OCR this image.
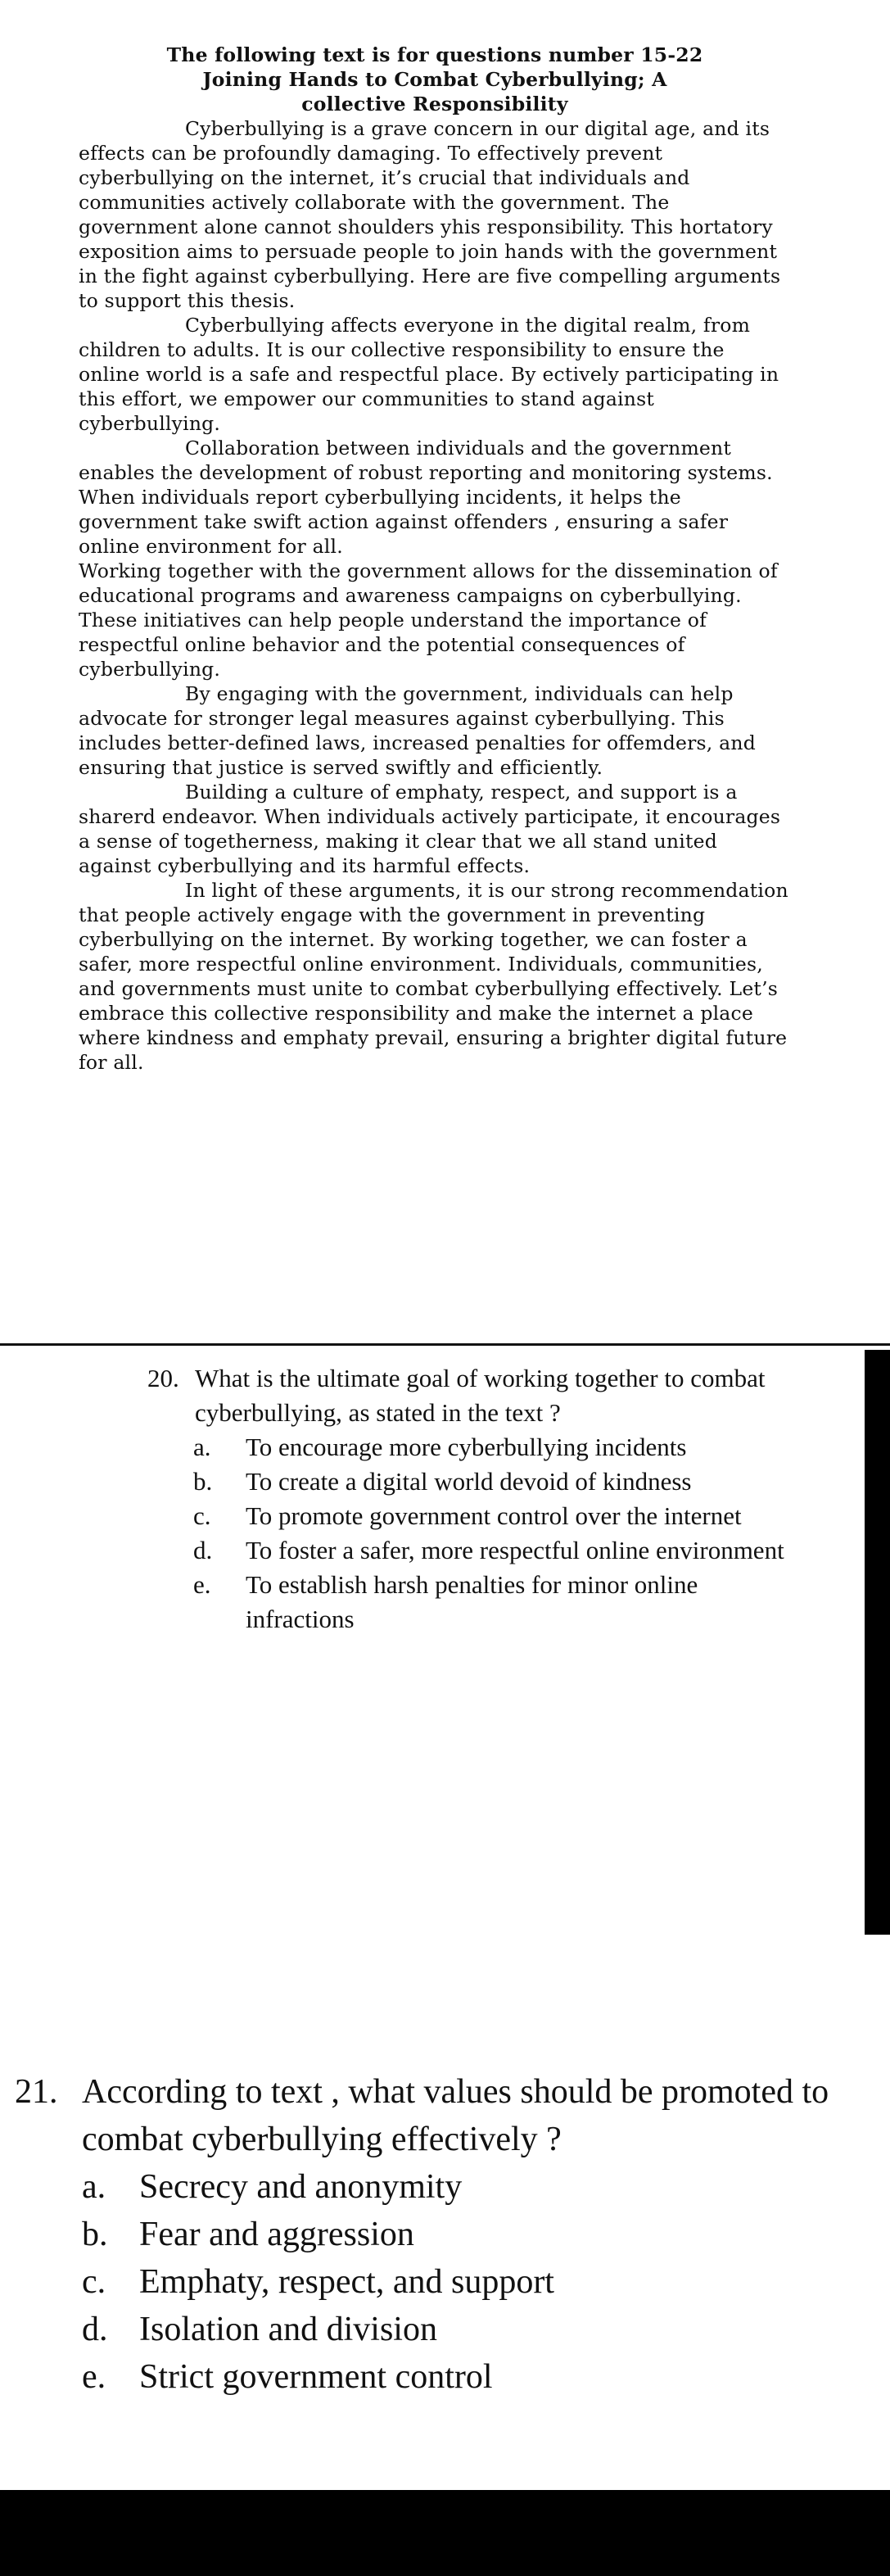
The following text is for questions number 15-22

Joining Hands to Combat Cyberbullying; A collective Responsibility

Cyberbullying is a grave concern in our digital age, and its effects can be profoundly damaging. To effectively prevent cyberbullying on the internet, it’s crucial that individuals and communities actively collaborate with the government. The government alone cannot shoulders yhis responsibility. This hortatory exposition aims to persuade people to join hands with the government in the fight against cyberbullying. Here are five compelling arguments to support this thesis.

Cyberbullying affects everyone in the digital realm, from children to adults. It is our collective responsibility to ensure the online world is a safe and respectful place. By ectively participating in this effort, we empower our communities to stand against cyberbullying.

Collaboration between individuals and the government enables the development of robust reporting and monitoring systems. When individuals report cyberbullying incidents, it helps the government take swift action against offenders , ensuring a safer online environment for all.

Working together with the government allows for the dissemination of educational programs and awareness campaigns on cyberbullying. These initiatives can help people understand the importance of respectful online behavior and the potential consequences of cyberbullying.

By engaging with the government, individuals can help advocate for stronger legal measures against cyberbullying. This includes better-defined laws, increased penalties for offemders, and ensuring that justice is served swiftly and efficiently.

Building a culture of emphaty, respect, and support is a sharerd endeavor. When individuals actively participate, it encourages a sense of togetherness, making it clear that we all stand united against cyberbullying and its harmful effects.

In light of these arguments, it is our strong recommendation that people actively engage with the government in preventing cyberbullying on the internet. By working together, we can foster a safer, more respectful online environment. Individuals, communities, and governments must unite to combat cyberbullying effectively. Let’s embrace this collective responsibility and make the internet a place where kindness and emphaty prevail, ensuring a brighter digital future for all.

20. What is the ultimate goal of working together to combat cyberbullying, as stated in the text ?
a.	To encourage more cyberbullying incidents
b.	To create a digital world devoid of kindness
c.	To promote government control over the internet
d.	To foster a safer, more respectful online environment
e.	To establish harsh penalties for minor online infractions
21. According to text , what values should be promoted to combat cyberbullying effectively ?
a. Secrecy and anonymity
b. Fear and aggression
c. Emphaty, respect, and support
d. Isolation and division
e. Strict government control
